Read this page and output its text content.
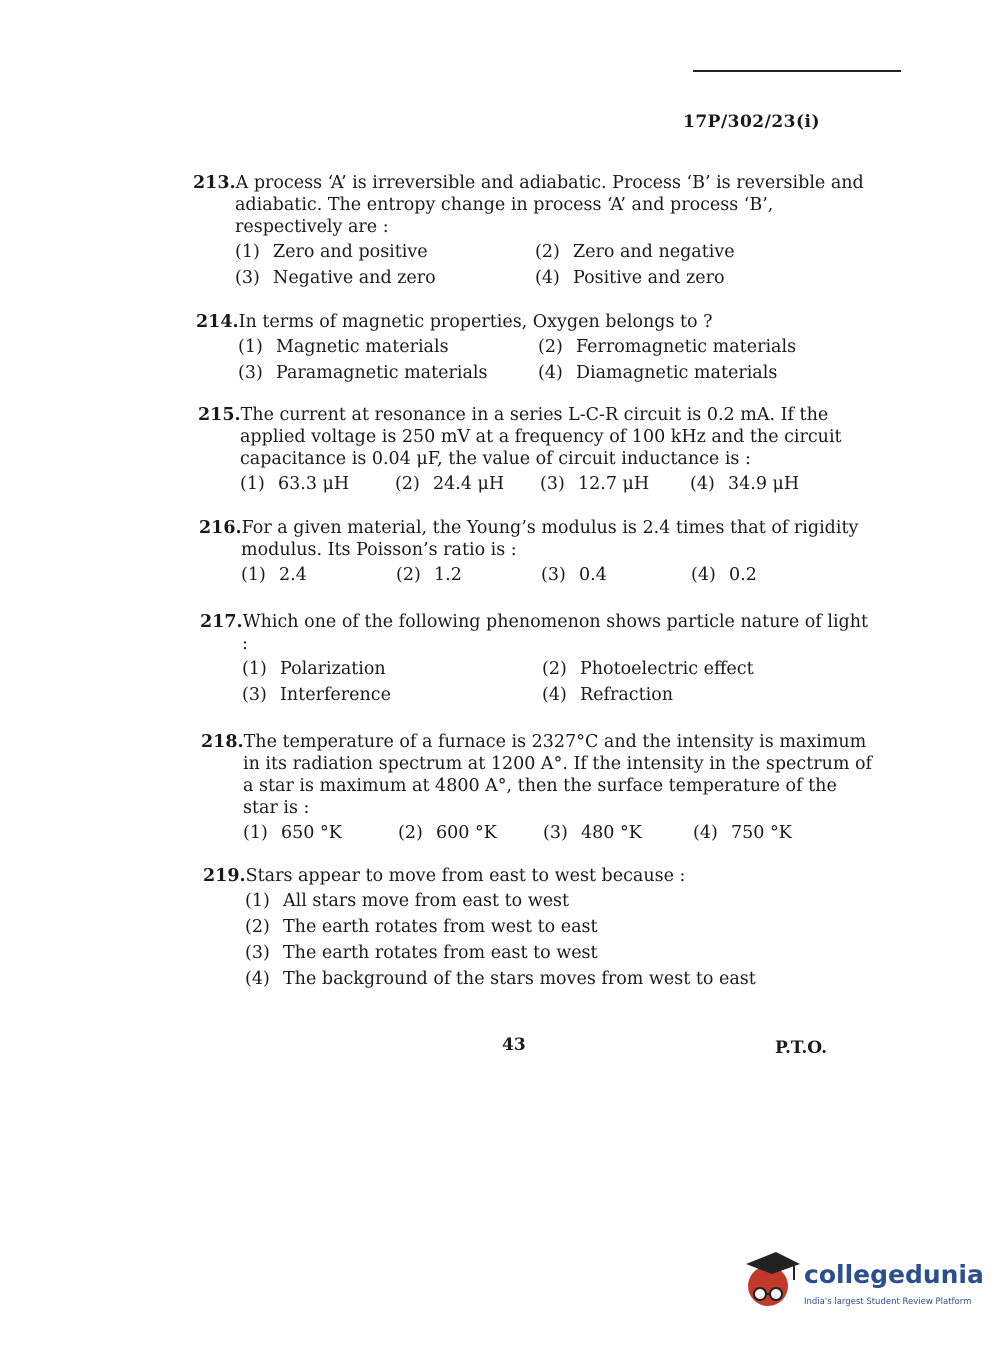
17P/302/23(i)
213.A process ‘A’ is irreversible and adiabatic. Process ‘B’ is reversible and adiabatic. The entropy change in process ‘A’ and process ‘B’, respectively are :
(1) Zero and positive	(2) Zero and negative
(3) Negative and zero	(4) Positive and zero
214.In terms of magnetic properties, Oxygen belongs to ?
(1) Magnetic materials	(2) Ferromagnetic materials
(3) Paramagnetic materials	(4) Diamagnetic materials
215.The current at resonance in a series L-C-R circuit is 0.2 mA. If the applied voltage is 250 mV at a frequency of 100 kHz and the circuit capacitance is 0.04 μF, the value of circuit inductance is :
(1) 63.3 μH	(2) 24.4 μH	(3) 12.7 μH	(4) 34.9 μH
216.For a given material, the Young’s modulus is 2.4 times that of rigidity modulus. Its Poisson’s ratio is :
(1) 2.4	(2) 1.2	(3) 0.4	(4) 0.2
217.Which one of the following phenomenon shows particle nature of light :
(1) Polarization	(2) Photoelectric effect
(3) Interference	(4) Refraction
218.The temperature of a furnace is 2327°C and the intensity is maximum in its radiation spectrum at 1200 A°. If the intensity in the spectrum of a star is maximum at 4800 A°, then the surface temperature of the star is :
(1) 650 °K	(2) 600 °K	(3) 480 °K	(4) 750 °K
219.Stars appear to move from east to west because :
(1) All stars move from east to west
(2) The earth rotates from west to east
(3) The earth rotates from east to west
(4) The background of the stars moves from west to east
43	P.T.O.
collegedunia
India's largest Student Review Platform
